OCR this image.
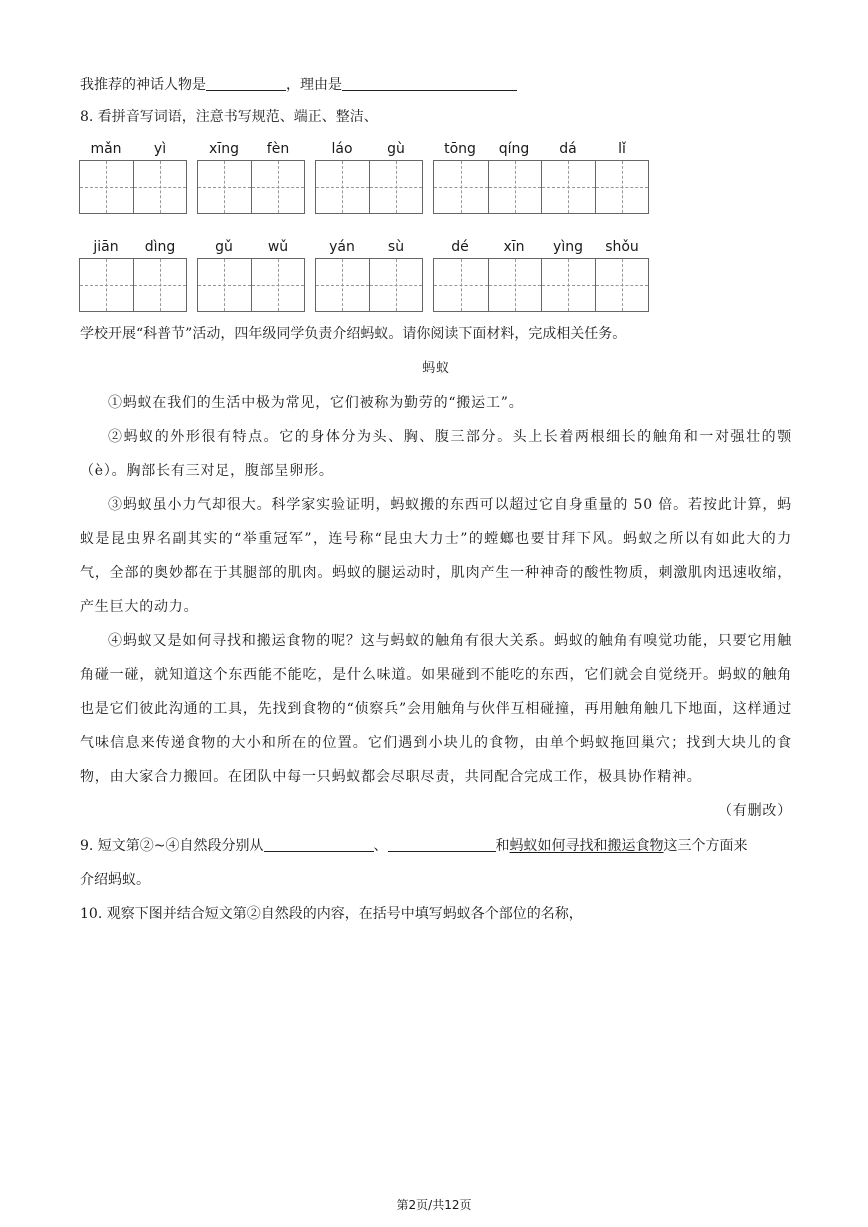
我推荐的神话人物是	，理由是
8. 看拼音写词语，注意书写规范、端正、整洁、
mǎn yì	xīng fèn	láo gù	tōng qíng dá	lǐ
jiān dìng	gǔ wǔ	yán sù	dé xīn yìng shǒu
学校开展“科普节”活动，四年级同学负责介绍蚂蚁。请你阅读下面材料，完成相关任务。

蚂蚁

①蚂蚁在我们的生活中极为常见，它们被称为勤劳的“搬运工”。

②蚂蚁的外形很有特点。它的身体分为头、胸、腹三部分。头上长着两根细长的触角和一对强壮的颚（è）。胸部长有三对足，腹部呈卵形。

③蚂蚁虽小力气却很大。科学家实验证明，蚂蚁搬的东西可以超过它自身重量的 50 倍。若按此计算，蚂蚁是昆虫界名副其实的“举重冠军”，连号称“昆虫大力士”的螳螂也要甘拜下风。蚂蚁之所以有如此大的力气，全部的奥妙都在于其腿部的肌肉。蚂蚁的腿运动时，肌肉产生一种神奇的酸性物质，刺激肌肉迅速收缩，产生巨大的动力。

④蚂蚁又是如何寻找和搬运食物的呢？这与蚂蚁的触角有很大关系。蚂蚁的触角有嗅觉功能，只要它用触角碰一碰，就知道这个东西能不能吃，是什么味道。如果碰到不能吃的东西，它们就会自觉绕开。蚂蚁的触角也是它们彼此沟通的工具，先找到食物的“侦察兵”会用触角与伙伴互相碰撞，再用触角触几下地面，这样通过气味信息来传递食物的大小和所在的位置。它们遇到小块儿的食物，由单个蚂蚁拖回巢穴；找到大块儿的食物，由大家合力搬回。在团队中每一只蚂蚁都会尽职尽责，共同配合完成工作，极具协作精神。

（有删改）

9. 短文第②~④自然段分别从	、	和蚂蚁如何寻找和搬运食物这三个方面来
介绍蚂蚁。
10. 观察下图并结合短文第②自然段的内容，在括号中填写蚂蚁各个部位的名称，
第2页/共12页
